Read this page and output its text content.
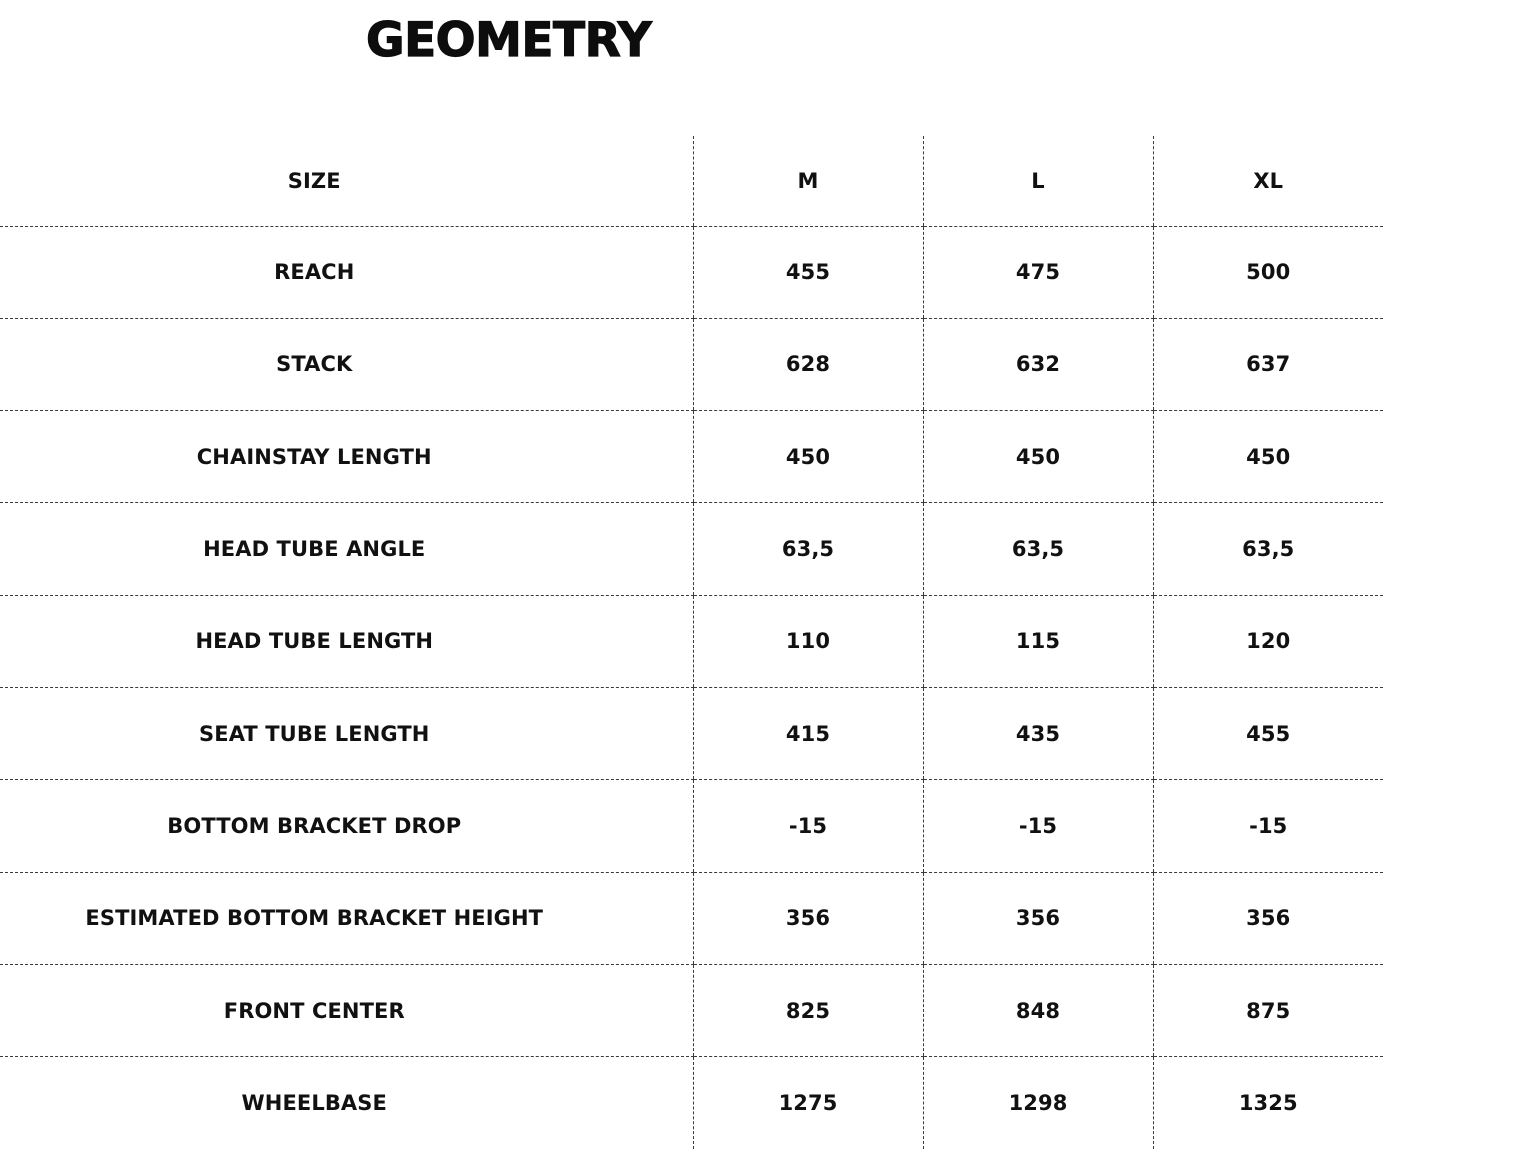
GEOMETRY
SIZE	M	L	XL
REACH	455	475	500
STACK	628	632	637
CHAINSTAY LENGTH	450	450	450
HEAD TUBE ANGLE	63,5	63,5	63,5
HEAD TUBE LENGTH	110	115	120
SEAT TUBE LENGTH	415	435	455
BOTTOM BRACKET DROP	-15	-15	-15
ESTIMATED BOTTOM BRACKET HEIGHT	356	356	356
FRONT CENTER	825	848	875
WHEELBASE	1275	1298	1325
